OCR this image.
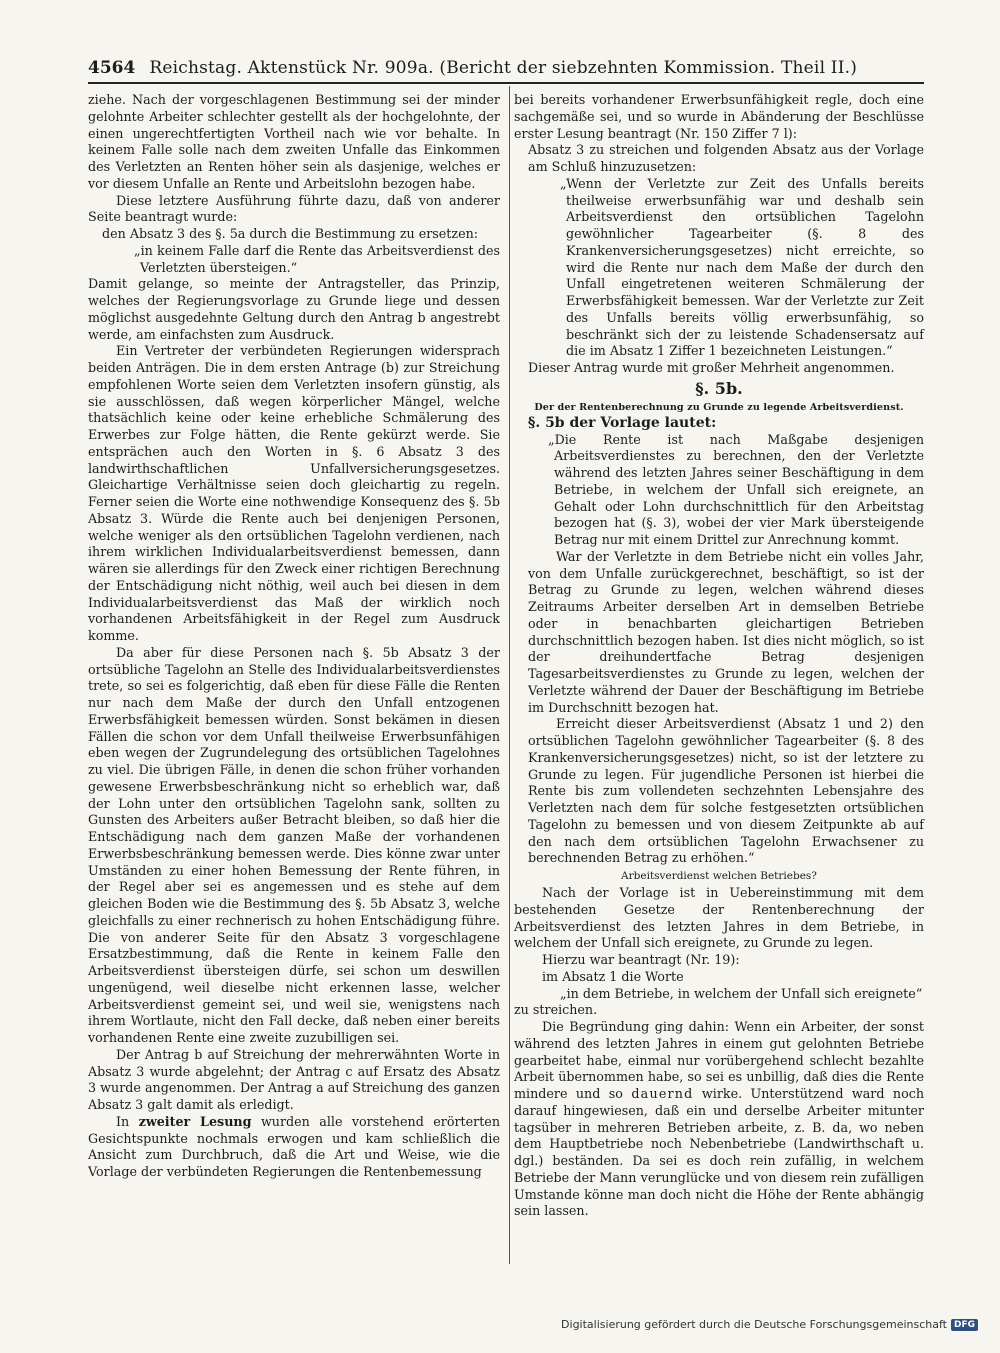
4564 Reichstag. Aktenstück Nr. 909a. (Bericht der siebzehnten Kommission. Theil II.)

ziehe. Nach der vorgeschlagenen Bestimmung sei der minder gelohnte Arbeiter schlechter gestellt als der hochgelohnte, der einen ungerechtfertigten Vortheil nach wie vor behalte. In keinem Falle solle nach dem zweiten Unfalle das Einkommen des Verletzten an Renten höher sein als dasjenige, welches er vor diesem Unfalle an Rente und Arbeitslohn bezogen habe.

Diese letztere Ausführung führte dazu, daß von anderer Seite beantragt wurde:

den Absatz 3 des §. 5a durch die Bestimmung zu ersetzen:

„in keinem Falle darf die Rente das Arbeitsverdienst des Verletzten übersteigen.“

Damit gelange, so meinte der Antragsteller, das Prinzip, welches der Regierungsvorlage zu Grunde liege und dessen möglichst ausgedehnte Geltung durch den Antrag b angestrebt werde, am einfachsten zum Ausdruck.

Ein Vertreter der verbündeten Regierungen widersprach beiden Anträgen. Die in dem ersten Antrage (b) zur Streichung empfohlenen Worte seien dem Verletzten insofern günstig, als sie ausschlössen, daß wegen körperlicher Mängel, welche thatsächlich keine oder keine erhebliche Schmälerung des Erwerbes zur Folge hätten, die Rente gekürzt werde. Sie entsprächen auch den Worten in §. 6 Absatz 3 des landwirthschaftlichen Unfallversicherungsgesetzes. Gleichartige Verhältnisse seien doch gleichartig zu regeln. Ferner seien die Worte eine nothwendige Konsequenz des §. 5b Absatz 3. Würde die Rente auch bei denjenigen Personen, welche weniger als den ortsüblichen Tagelohn verdienen, nach ihrem wirklichen Individualarbeitsverdienst bemessen, dann wären sie allerdings für den Zweck einer richtigen Berechnung der Entschädigung nicht nöthig, weil auch bei diesen in dem Individualarbeitsverdienst das Maß der wirklich noch vorhandenen Arbeitsfähigkeit in der Regel zum Ausdruck komme.

Da aber für diese Personen nach §. 5b Absatz 3 der ortsübliche Tagelohn an Stelle des Individualarbeitsverdienstes trete, so sei es folgerichtig, daß eben für diese Fälle die Renten nur nach dem Maße der durch den Unfall entzogenen Erwerbsfähigkeit bemessen würden. Sonst bekämen in diesen Fällen die schon vor dem Unfall theilweise Erwerbsunfähigen eben wegen der Zugrundelegung des ortsüblichen Tagelohnes zu viel. Die übrigen Fälle, in denen die schon früher vorhanden gewesene Erwerbsbeschränkung nicht so erheblich war, daß der Lohn unter den ortsüblichen Tagelohn sank, sollten zu Gunsten des Arbeiters außer Betracht bleiben, so daß hier die Entschädigung nach dem ganzen Maße der vorhandenen Erwerbsbeschränkung bemessen werde. Dies könne zwar unter Umständen zu einer hohen Bemessung der Rente führen, in der Regel aber sei es angemessen und es stehe auf dem gleichen Boden wie die Bestimmung des §. 5b Absatz 3, welche gleichfalls zu einer rechnerisch zu hohen Entschädigung führe. Die von anderer Seite für den Absatz 3 vorgeschlagene Ersatzbestimmung, daß die Rente in keinem Falle den Arbeitsverdienst übersteigen dürfe, sei schon um deswillen ungenügend, weil dieselbe nicht erkennen lasse, welcher Arbeitsverdienst gemeint sei, und weil sie, wenigstens nach ihrem Wortlaute, nicht den Fall decke, daß neben einer bereits vorhandenen Rente eine zweite zuzubilligen sei.

Der Antrag b auf Streichung der mehrerwähnten Worte in Absatz 3 wurde abgelehnt; der Antrag c auf Ersatz des Absatz 3 wurde angenommen. Der Antrag a auf Streichung des ganzen Absatz 3 galt damit als erledigt.

In zweiter Lesung wurden alle vorstehend erörterten Gesichtspunkte nochmals erwogen und kam schließlich die Ansicht zum Durchbruch, daß die Art und Weise, wie die Vorlage der verbündeten Regierungen die Rentenbemessung

bei bereits vorhandener Erwerbsunfähigkeit regle, doch eine sachgemäße sei, und so wurde in Abänderung der Beschlüsse erster Lesung beantragt (Nr. 150 Ziffer 7 l):

Absatz 3 zu streichen und folgenden Absatz aus der Vorlage am Schluß hinzuzusetzen:

„Wenn der Verletzte zur Zeit des Unfalls bereits theilweise erwerbsunfähig war und deshalb sein Arbeitsverdienst den ortsüblichen Tagelohn gewöhnlicher Tagearbeiter (§. 8 des Krankenversicherungsgesetzes) nicht erreichte, so wird die Rente nur nach dem Maße der durch den Unfall eingetretenen weiteren Schmälerung der Erwerbsfähigkeit bemessen. War der Verletzte zur Zeit des Unfalls bereits völlig erwerbsunfähig, so beschränkt sich der zu leistende Schadensersatz auf die im Absatz 1 Ziffer 1 bezeichneten Leistungen.“

Dieser Antrag wurde mit großer Mehrheit angenommen.

§. 5b.
Der der Rentenberechnung zu Grunde zu legende Arbeitsverdienst.

§. 5b der Vorlage lautet:

„Die Rente ist nach Maßgabe desjenigen Arbeitsverdienstes zu berechnen, den der Verletzte während des letzten Jahres seiner Beschäftigung in dem Betriebe, in welchem der Unfall sich ereignete, an Gehalt oder Lohn durchschnittlich für den Arbeitstag bezogen hat (§. 3), wobei der vier Mark übersteigende Betrag nur mit einem Drittel zur Anrechnung kommt.

War der Verletzte in dem Betriebe nicht ein volles Jahr, von dem Unfalle zurückgerechnet, beschäftigt, so ist der Betrag zu Grunde zu legen, welchen während dieses Zeitraums Arbeiter derselben Art in demselben Betriebe oder in benachbarten gleichartigen Betrieben durchschnittlich bezogen haben. Ist dies nicht möglich, so ist der dreihundertfache Betrag desjenigen Tagesarbeitsverdienstes zu Grunde zu legen, welchen der Verletzte während der Dauer der Beschäftigung im Betriebe im Durchschnitt bezogen hat.

Erreicht dieser Arbeitsverdienst (Absatz 1 und 2) den ortsüblichen Tagelohn gewöhnlicher Tagearbeiter (§. 8 des Krankenversicherungsgesetzes) nicht, so ist der letztere zu Grunde zu legen. Für jugendliche Personen ist hierbei die Rente bis zum vollendeten sechzehnten Lebensjahre des Verletzten nach dem für solche festgesetzten ortsüblichen Tagelohn zu bemessen und von diesem Zeitpunkte ab auf den nach dem ortsüblichen Tagelohn Erwachsener zu berechnenden Betrag zu erhöhen.“

Arbeitsverdienst welchen Betriebes?

Nach der Vorlage ist in Uebereinstimmung mit dem bestehenden Gesetze der Rentenberechnung der Arbeitsverdienst des letzten Jahres in dem Betriebe, in welchem der Unfall sich ereignete, zu Grunde zu legen.

Hierzu war beantragt (Nr. 19):

im Absatz 1 die Worte

„in dem Betriebe, in welchem der Unfall sich ereignete“

zu streichen.

Die Begründung ging dahin: Wenn ein Arbeiter, der sonst während des letzten Jahres in einem gut gelohnten Betriebe gearbeitet habe, einmal nur vorübergehend schlecht bezahlte Arbeit übernommen habe, so sei es unbillig, daß dies die Rente mindere und so dauernd wirke. Unterstützend ward noch darauf hingewiesen, daß ein und derselbe Arbeiter mitunter tagsüber in mehreren Betrieben arbeite, z. B. da, wo neben dem Hauptbetriebe noch Nebenbetriebe (Landwirthschaft u. dgl.) beständen. Da sei es doch rein zufällig, in welchem Betriebe der Mann verunglücke und von diesem rein zufälligen Umstande könne man doch nicht die Höhe der Rente abhängig sein lassen.

Digitalisierung gefördert durch die Deutsche Forschungsgemeinschaft DFG
